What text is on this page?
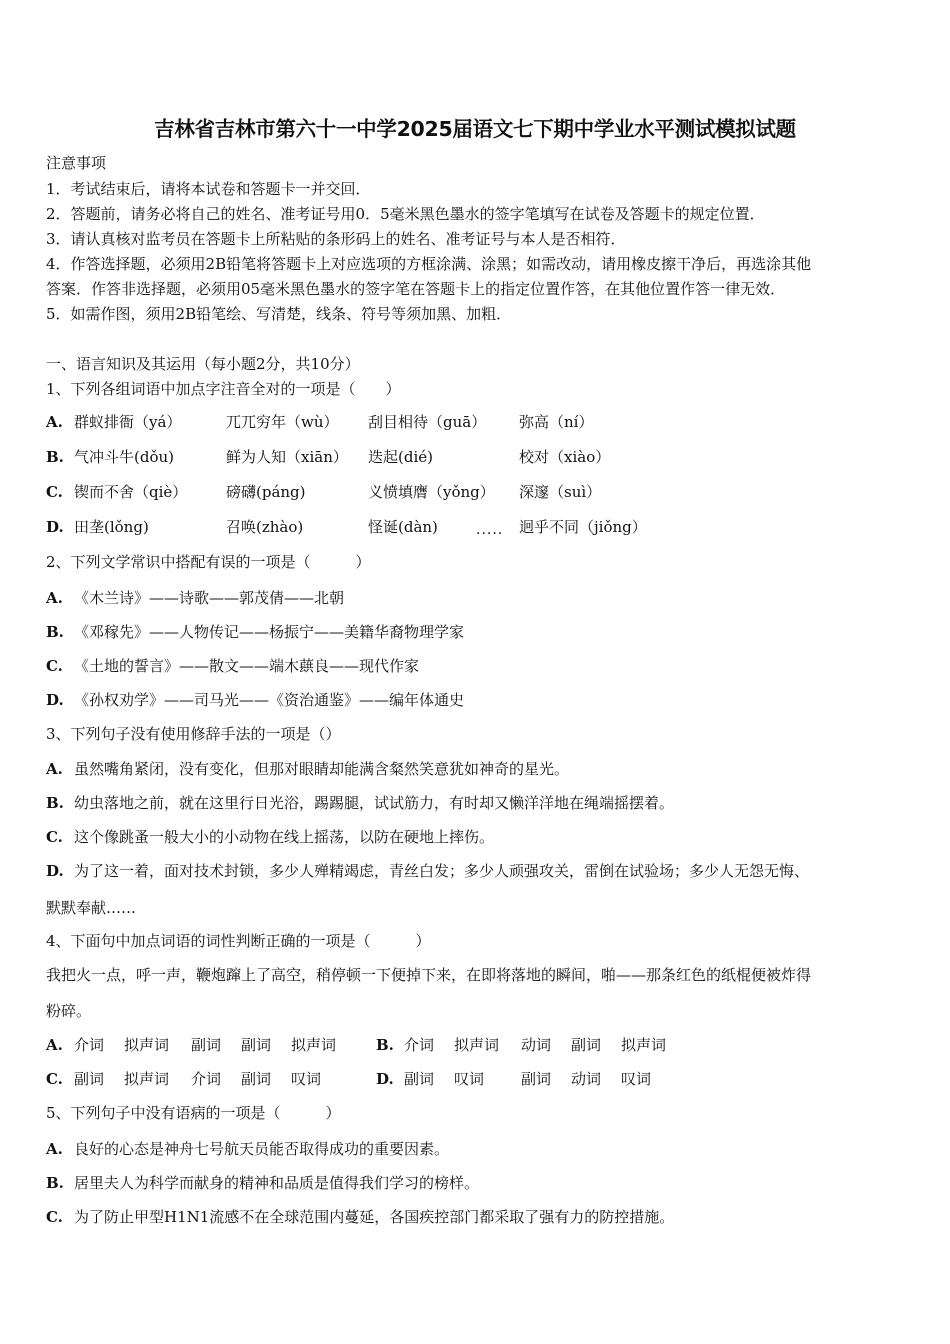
吉林省吉林市第六十一中学2025届语文七下期中学业水平测试模拟试题
注意事项
1．考试结束后，请将本试卷和答题卡一并交回．
2．答题前，请务必将自己的姓名、准考证号用0．5毫米黑色墨水的签字笔填写在试卷及答题卡的规定位置．
3．请认真核对监考员在答题卡上所粘贴的条形码上的姓名、准考证号与本人是否相符．
4．作答选择题，必须用2B铅笔将答题卡上对应选项的方框涂满、涂黑；如需改动，请用橡皮擦干净后，再选涂其他
答案．作答非选择题，必须用05毫米黑色墨水的签字笔在答题卡上的指定位置作答，在其他位置作答一律无效．
5．如需作图，须用2B铅笔绘、写清楚，线条、符号等须加黑、加粗．
一、语言知识及其运用（每小题2分，共10分）
1、下列各组词语中加点字注音全对的一项是（　　）
A. 群蚁排衙（yá）	兀兀穷年（wù） 刮目相待（guā） 弥高（ní）
B. 气冲斗牛(dǒu)	鲜为人知（xiān） 迭起(dié)	校对（xiào）
C. 锲而不舍（qiè）	磅礴(páng)	义愤填膺（yǒng） 深邃（suì）
D. 田垄(lǒng)	召唤(zhào)	怪诞(dàn)	..... 迥乎不同（jiǒng）
2、下列文学常识中搭配有误的一项是（　　　）
A. 《木兰诗》——诗歌——郭茂倩——北朝
B. 《邓稼先》——人物传记——杨振宁——美籍华裔物理学家
C. 《土地的誓言》——散文——端木蕻良——现代作家
D. 《孙权劝学》——司马光——《资治通鉴》——编年体通史
3、下列句子没有使用修辞手法的一项是（）
A. 虽然嘴角紧闭，没有变化，但那对眼睛却能满含粲然笑意犹如神奇的星光。
B. 幼虫落地之前，就在这里行日光浴，踢踢腿，试试筋力，有时却又懒洋洋地在绳端摇摆着。
C. 这个像跳蚤一般大小的小动物在线上摇荡，以防在硬地上摔伤。
D. 为了这一着，面对技术封锁，多少人殚精竭虑，青丝白发；多少人顽强攻关，雷倒在试验场；多少人无怨无悔、
默默奉献……
4、下面句中加点词语的词性判断正确的一项是（　　　）
我把火一点，呼一声，鞭炮蹿上了高空，稍停顿一下便掉下来，在即将落地的瞬间，啪——那条红色的纸棍便被炸得
粉碎。
A. 介词 拟声词 副词 副词 拟声词	B. 介词 拟声词 动词 副词 拟声词
C. 副词 拟声词 介词 副词 叹词	D. 副词 叹词 副词 动词 叹词
5、下列句子中没有语病的一项是（　　　）
A. 良好的心态是神舟七号航天员能否取得成功的重要因素。
B. 居里夫人为科学而献身的精神和品质是值得我们学习的榜样。
C. 为了防止甲型H1N1流感不在全球范围内蔓延，各国疾控部门都采取了强有力的防控措施。
